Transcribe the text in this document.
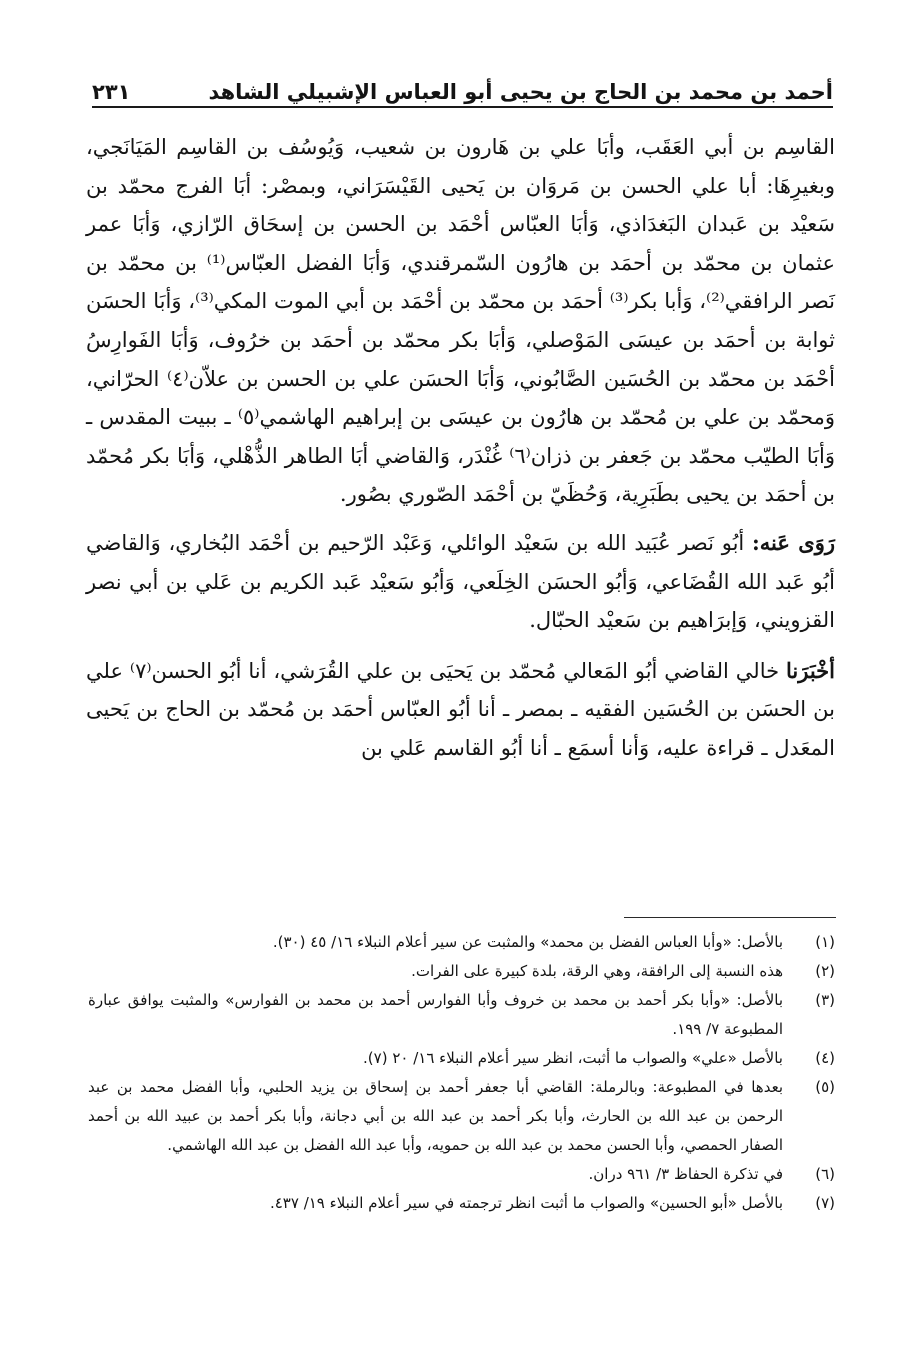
أحمد بن محمد بن الحاج بن يحيى أبو العباس الإشبيلي الشاهد
٢٣١

القاسِم بن أبي العَقَب، وأبَا علي بن هَارون بن شعيب، وَيُوسُف بن القاسِم المَيَانَجي، وبغيرِهَا: أبا علي الحسن بن مَروَان بن يَحيى القَيْسَرَاني، وبمصْر: أبَا الفرج محمّد بن سَعيْد بن عَبدان البَغدَاذي، وَأبَا العبّاس أحْمَد بن الحسن بن إسحَاق الرّازي، وَأبَا عمر عثمان بن محمّد بن أحمَد بن هارُون السّمرقندي، وَأبَا الفضل العبّاس⁽¹⁾ بن محمّد بن نَصر الرافقي⁽²⁾، وَأبا بكر⁽³⁾ أحمَد بن محمّد بن أحْمَد بن أبي الموت المكي⁽³⁾، وَأبَا الحسَن ثوابة بن أحمَد بن عيسَى المَوْصلي، وَأبَا بكر محمّد بن أحمَد بن خرُوف، وَأبَا الفَوارِسُ أحْمَد بن محمّد بن الحُسَين الصَّابُوني، وَأبَا الحسَن علي بن الحسن بن علاّن⁽٤⁾ الحرّاني، وَمحمّد بن علي بن مُحمّد بن هارُون بن عيسَى بن إبراهيم الهاشمي⁽٥⁾ ـ ببيت المقدس ـ وَأبَا الطيّب محمّد بن جَعفر بن ذزان⁽٦⁾ غُنْدَر، وَالقاضي أبَا الطاهر الذُّهْلي، وَأبَا بكر مُحمّد بن أحمَد بن يحيى بطَبَرِية، وَحُظَيّ بن أحْمَد الصّوري بصُور.

رَوَى عَنه: أبُو نَصر عُبَيد الله بن سَعيْد الوائلي، وَعَبْد الرّحيم بن أحْمَد البُخاري، وَالقاضي أبُو عَبد الله القُضَاعي، وَأبُو الحسَن الخِلَعي، وَأبُو سَعيْد عَبد الكريم بن عَلي بن أبي نصر القزويني، وَإبرَاهيم بن سَعيْد الحبّال.

أخْبَرَنا خالي القاضي أبُو المَعالي مُحمّد بن يَحيَى بن علي القُرَشي، أنا أبُو الحسن⁽٧⁾ علي بن الحسَن بن الحُسَين الفقيه ـ بمصر ـ أنا أبُو العبّاس أحمَد بن مُحمّد بن الحاج بن يَحيى المعَدل ـ قراءة عليه، وَأنا أسمَع ـ أنا أبُو القاسم عَلي بن

(١)
بالأصل: «وأبا العباس الفضل بن محمد» والمثبت عن سير أعلام النبلاء ١٦/ ٤٥ (٣٠).
(٢)
هذه النسبة إلى الرافقة، وهي الرقة، بلدة كبيرة على الفرات.
(٣)
بالأصل: «وأبا بكر أحمد بن محمد بن خروف وأبا الفوارس أحمد بن محمد بن الفوارس» والمثبت يوافق عبارة المطبوعة ٧/ ١٩٩.
(٤)
بالأصل «علي» والصواب ما أثبت، انظر سير أعلام النبلاء ١٦/ ٢٠ (٧).
(٥)
بعدها في المطبوعة: وبالرملة: القاضي أبا جعفر أحمد بن إسحاق بن يزيد الحلبي، وأبا الفضل محمد بن عبد الرحمن بن عبد الله بن الحارث، وأبا بكر أحمد بن عبد الله بن أبي دجانة، وأبا بكر أحمد بن عبيد الله بن أحمد الصفار الحمصي، وأبا الحسن محمد بن عبد الله بن حمويه، وأبا عبد الله الفضل بن عبد الله الهاشمي.
(٦)
في تذكرة الحفاظ ٣/ ٩٦١ دران.
(٧)
بالأصل «أبو الحسين» والصواب ما أثبت انظر ترجمته في سير أعلام النبلاء ١٩/ ٤٣٧.
